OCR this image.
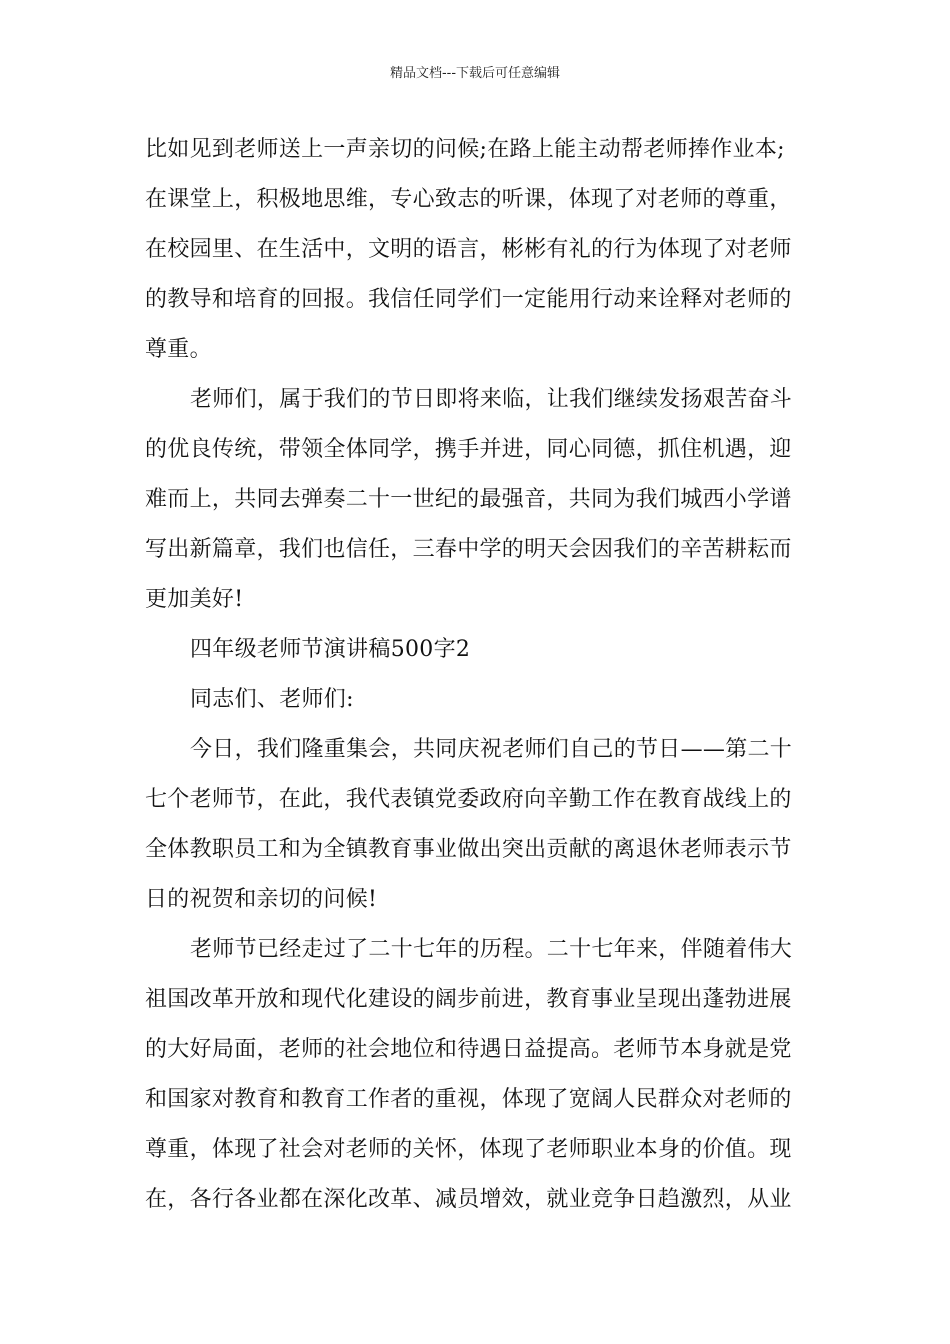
精品文档---下载后可任意编辑
比如见到老师送上一声亲切的问候;在路上能主动帮老师捧作业本;
在课堂上，积极地思维，专心致志的听课，体现了对老师的尊重，
在校园里、在生活中，文明的语言，彬彬有礼的行为体现了对老师
的教导和培育的回报。我信任同学们一定能用行动来诠释对老师的
尊重。
老师们，属于我们的节日即将来临，让我们继续发扬艰苦奋斗
的优良传统，带领全体同学，携手并进，同心同德，抓住机遇，迎
难而上，共同去弹奏二十一世纪的最强音，共同为我们城西小学谱
写出新篇章，我们也信任，三春中学的明天会因我们的辛苦耕耘而
更加美好!
四年级老师节演讲稿500字2
同志们、老师们:
今日，我们隆重集会，共同庆祝老师们自己的节日——第二十
七个老师节，在此，我代表镇党委政府向辛勤工作在教育战线上的
全体教职员工和为全镇教育事业做出突出贡献的离退休老师表示节
日的祝贺和亲切的问候!
老师节已经走过了二十七年的历程。二十七年来，伴随着伟大
祖国改革开放和现代化建设的阔步前进，教育事业呈现出蓬勃进展
的大好局面，老师的社会地位和待遇日益提高。老师节本身就是党
和国家对教育和教育工作者的重视，体现了宽阔人民群众对老师的
尊重，体现了社会对老师的关怀，体现了老师职业本身的价值。现
在，各行各业都在深化改革、减员增效，就业竞争日趋激烈，从业
